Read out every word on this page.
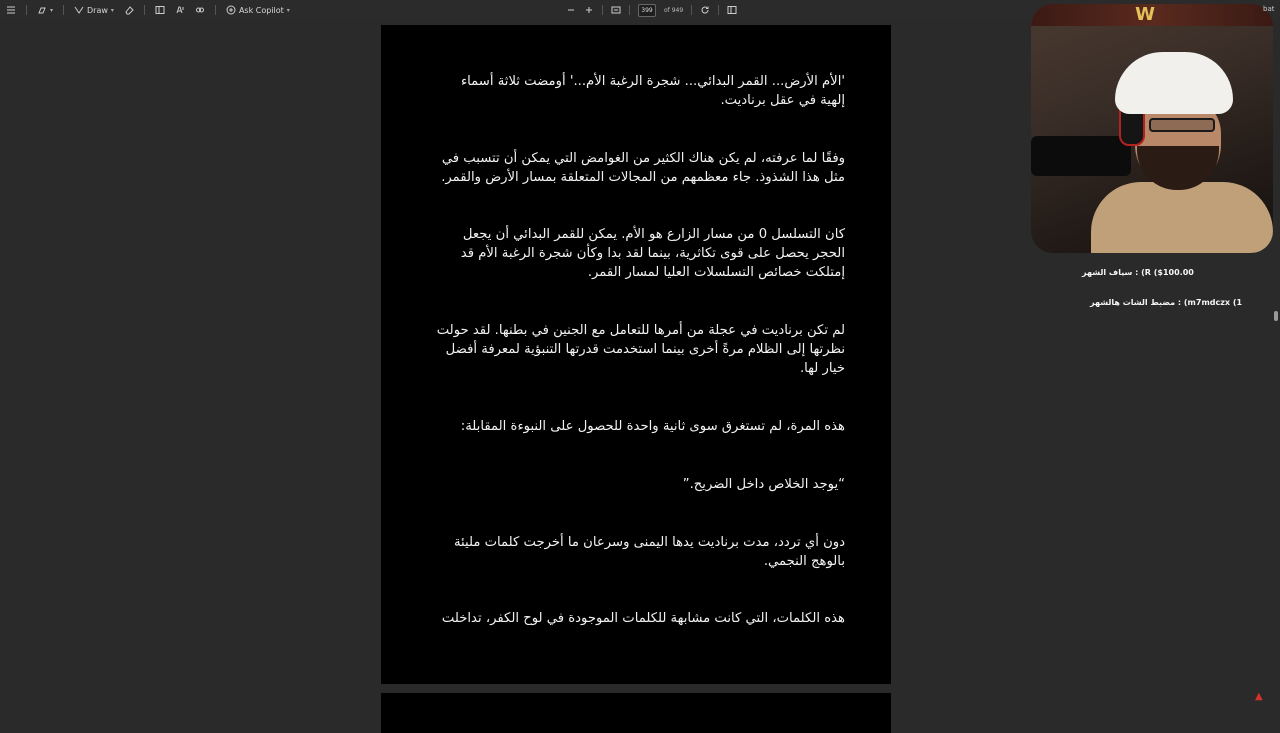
▾	Draw ▾	Ask Copilot ▾	399	of 949
'الأم الأرض... القمر البدائي... شجرة الرغبة الأم...' أومضت ثلاثة أسماء إلهية في عقل برناديت.
وفقًا لما عرفته، لم يكن هناك الكثير من الغوامض التي يمكن أن تتسبب في مثل هذا الشذوذ. جاء معظمهم من المجالات المتعلقة بمسار الأرض والقمر.
كان التسلسل 0 من مسار الزارع هو الأم. يمكن للقمر البدائي أن يجعل الحجر يحصل على قوى تكاثرية، بينما لقد بدا وكأن شجرة الرغبة الأم قد إمتلكت خصائص التسلسلات العليا لمسار القمر.
لم تكن برناديت في عجلة من أمرها للتعامل مع الجنين في بطنها. لقد حولت نظرتها إلى الظلام مرةً أخرى بينما استخدمت قدرتها التنبؤية لمعرفة أفضل خيار لها.
هذه المرة، لم تستغرق سوى ثانية واحدة للحصول على النبوءة المقابلة:
“يوجد الخلاص داخل الضريح.”
دون أي تردد، مدت برناديت يدها اليمنى وسرعان ما أخرجت كلمات مليئة بالوهج النجمي.
هذه الكلمات، التي كانت مشابهة للكلمات الموجودة في لوح الكفر، تداخلت
W	bat
سياف الشهر : (R ($100.00
مضبط الشات هالشهر : (m7mdczx (1
▲
